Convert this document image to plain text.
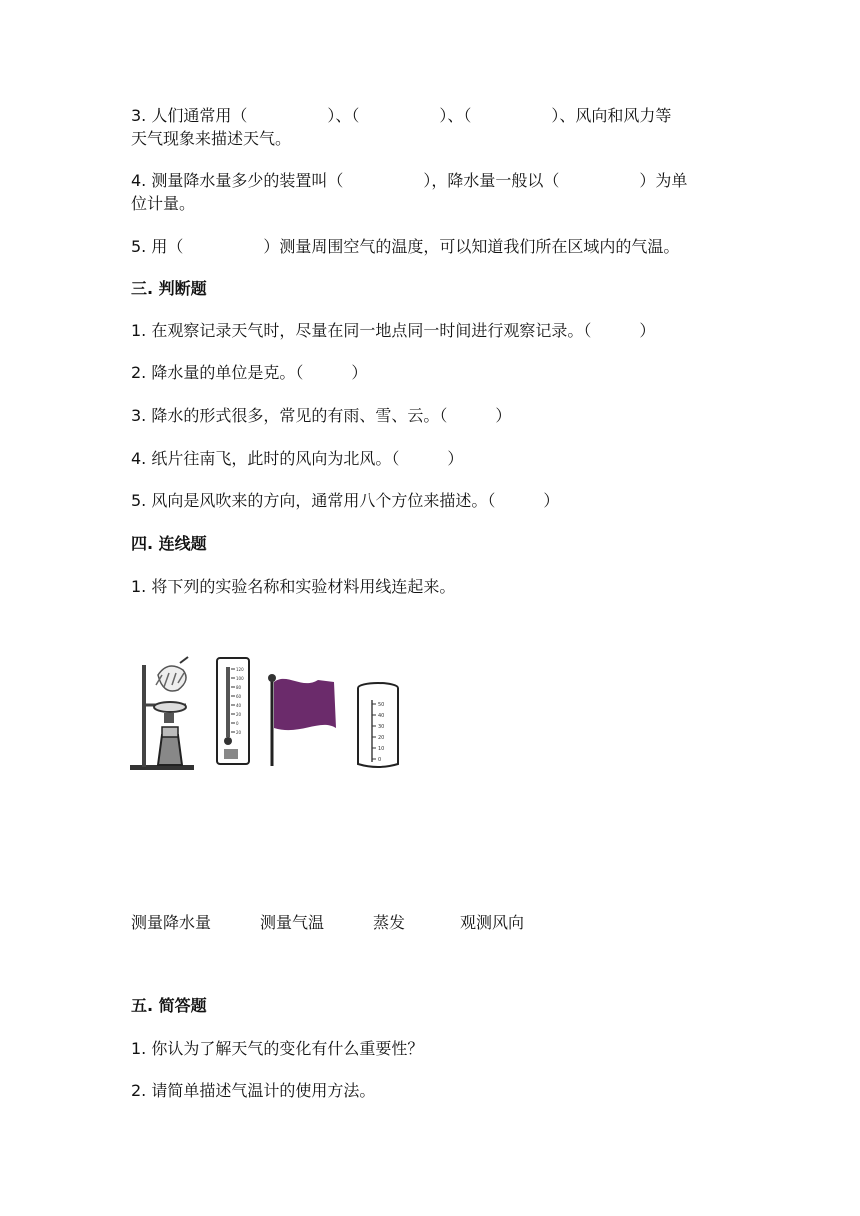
3. 人们通常用（　　　　　）、（　　　　　）、（　　　　　）、风向和风力等

天气现象来描述天气。

4. 测量降水量多少的装置叫（　　　　　），降水量一般以（　　　　　）为单

位计量。

5. 用（　　　　　）测量周围空气的温度，可以知道我们所在区域内的气温。

三. 判断题

1. 在观察记录天气时，尽量在同一地点同一时间进行观察记录。（　　　）

2. 降水量的单位是克。（　　　）

3. 降水的形式很多，常见的有雨、雪、云。（　　　）

4. 纸片往南飞，此时的风向为北风。（　　　）

5. 风向是风吹来的方向，通常用八个方位来描述。（　　　）

四. 连线题

1. 将下列的实验名称和实验材料用线连起来。

120
100
80
60
40
20
0
20
50
40
30
20
10
0
测量降水量	测量气温	蒸发	观测风向

五. 简答题

1. 你认为了解天气的变化有什么重要性？

2. 请简单描述气温计的使用方法。
